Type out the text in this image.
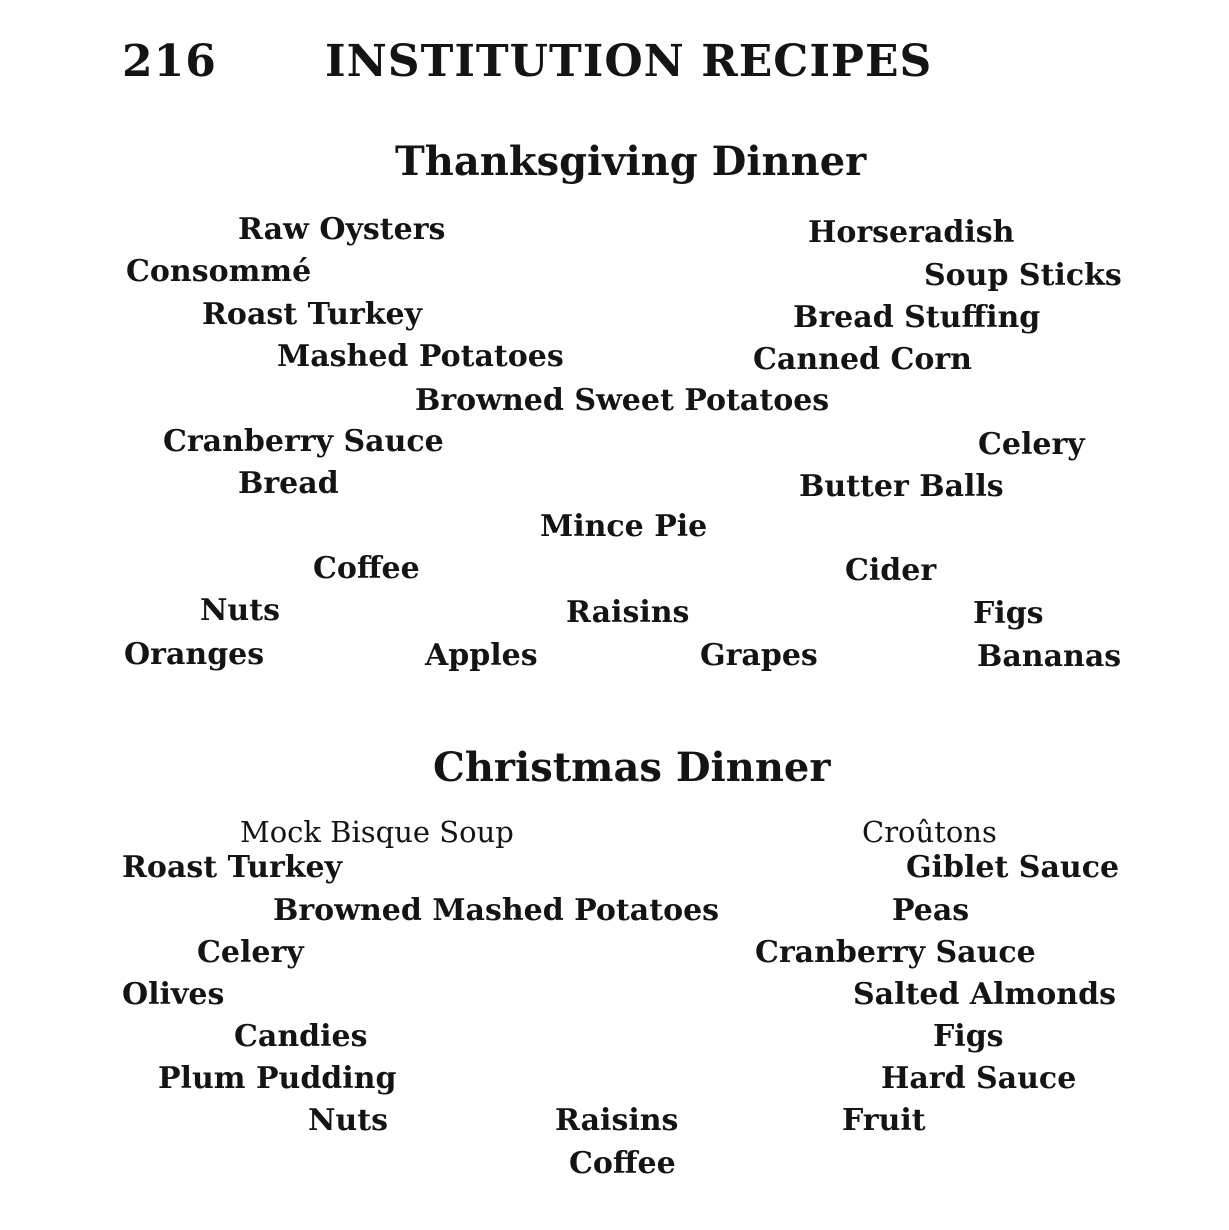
216 INSTITUTION RECIPES
Thanksgiving Dinner
Raw Oysters	Horseradish
Consommé	Soup Sticks
Roast Turkey	Bread Stuffing
Mashed Potatoes	Canned Corn
Browned Sweet Potatoes
Cranberry Sauce	Celery
Bread	Butter Balls
Mince Pie
Coffee	Cider
Nuts	Raisins	Figs
Oranges	Apples	Grapes	Bananas
Christmas Dinner
Mock Bisque Soup	Croûtons
Roast Turkey	Giblet Sauce
Browned Mashed Potatoes	Peas
Celery	Cranberry Sauce
Olives	Salted Almonds
Candies	Figs
Plum Pudding	Hard Sauce
Nuts	Raisins	Fruit
Coffee
